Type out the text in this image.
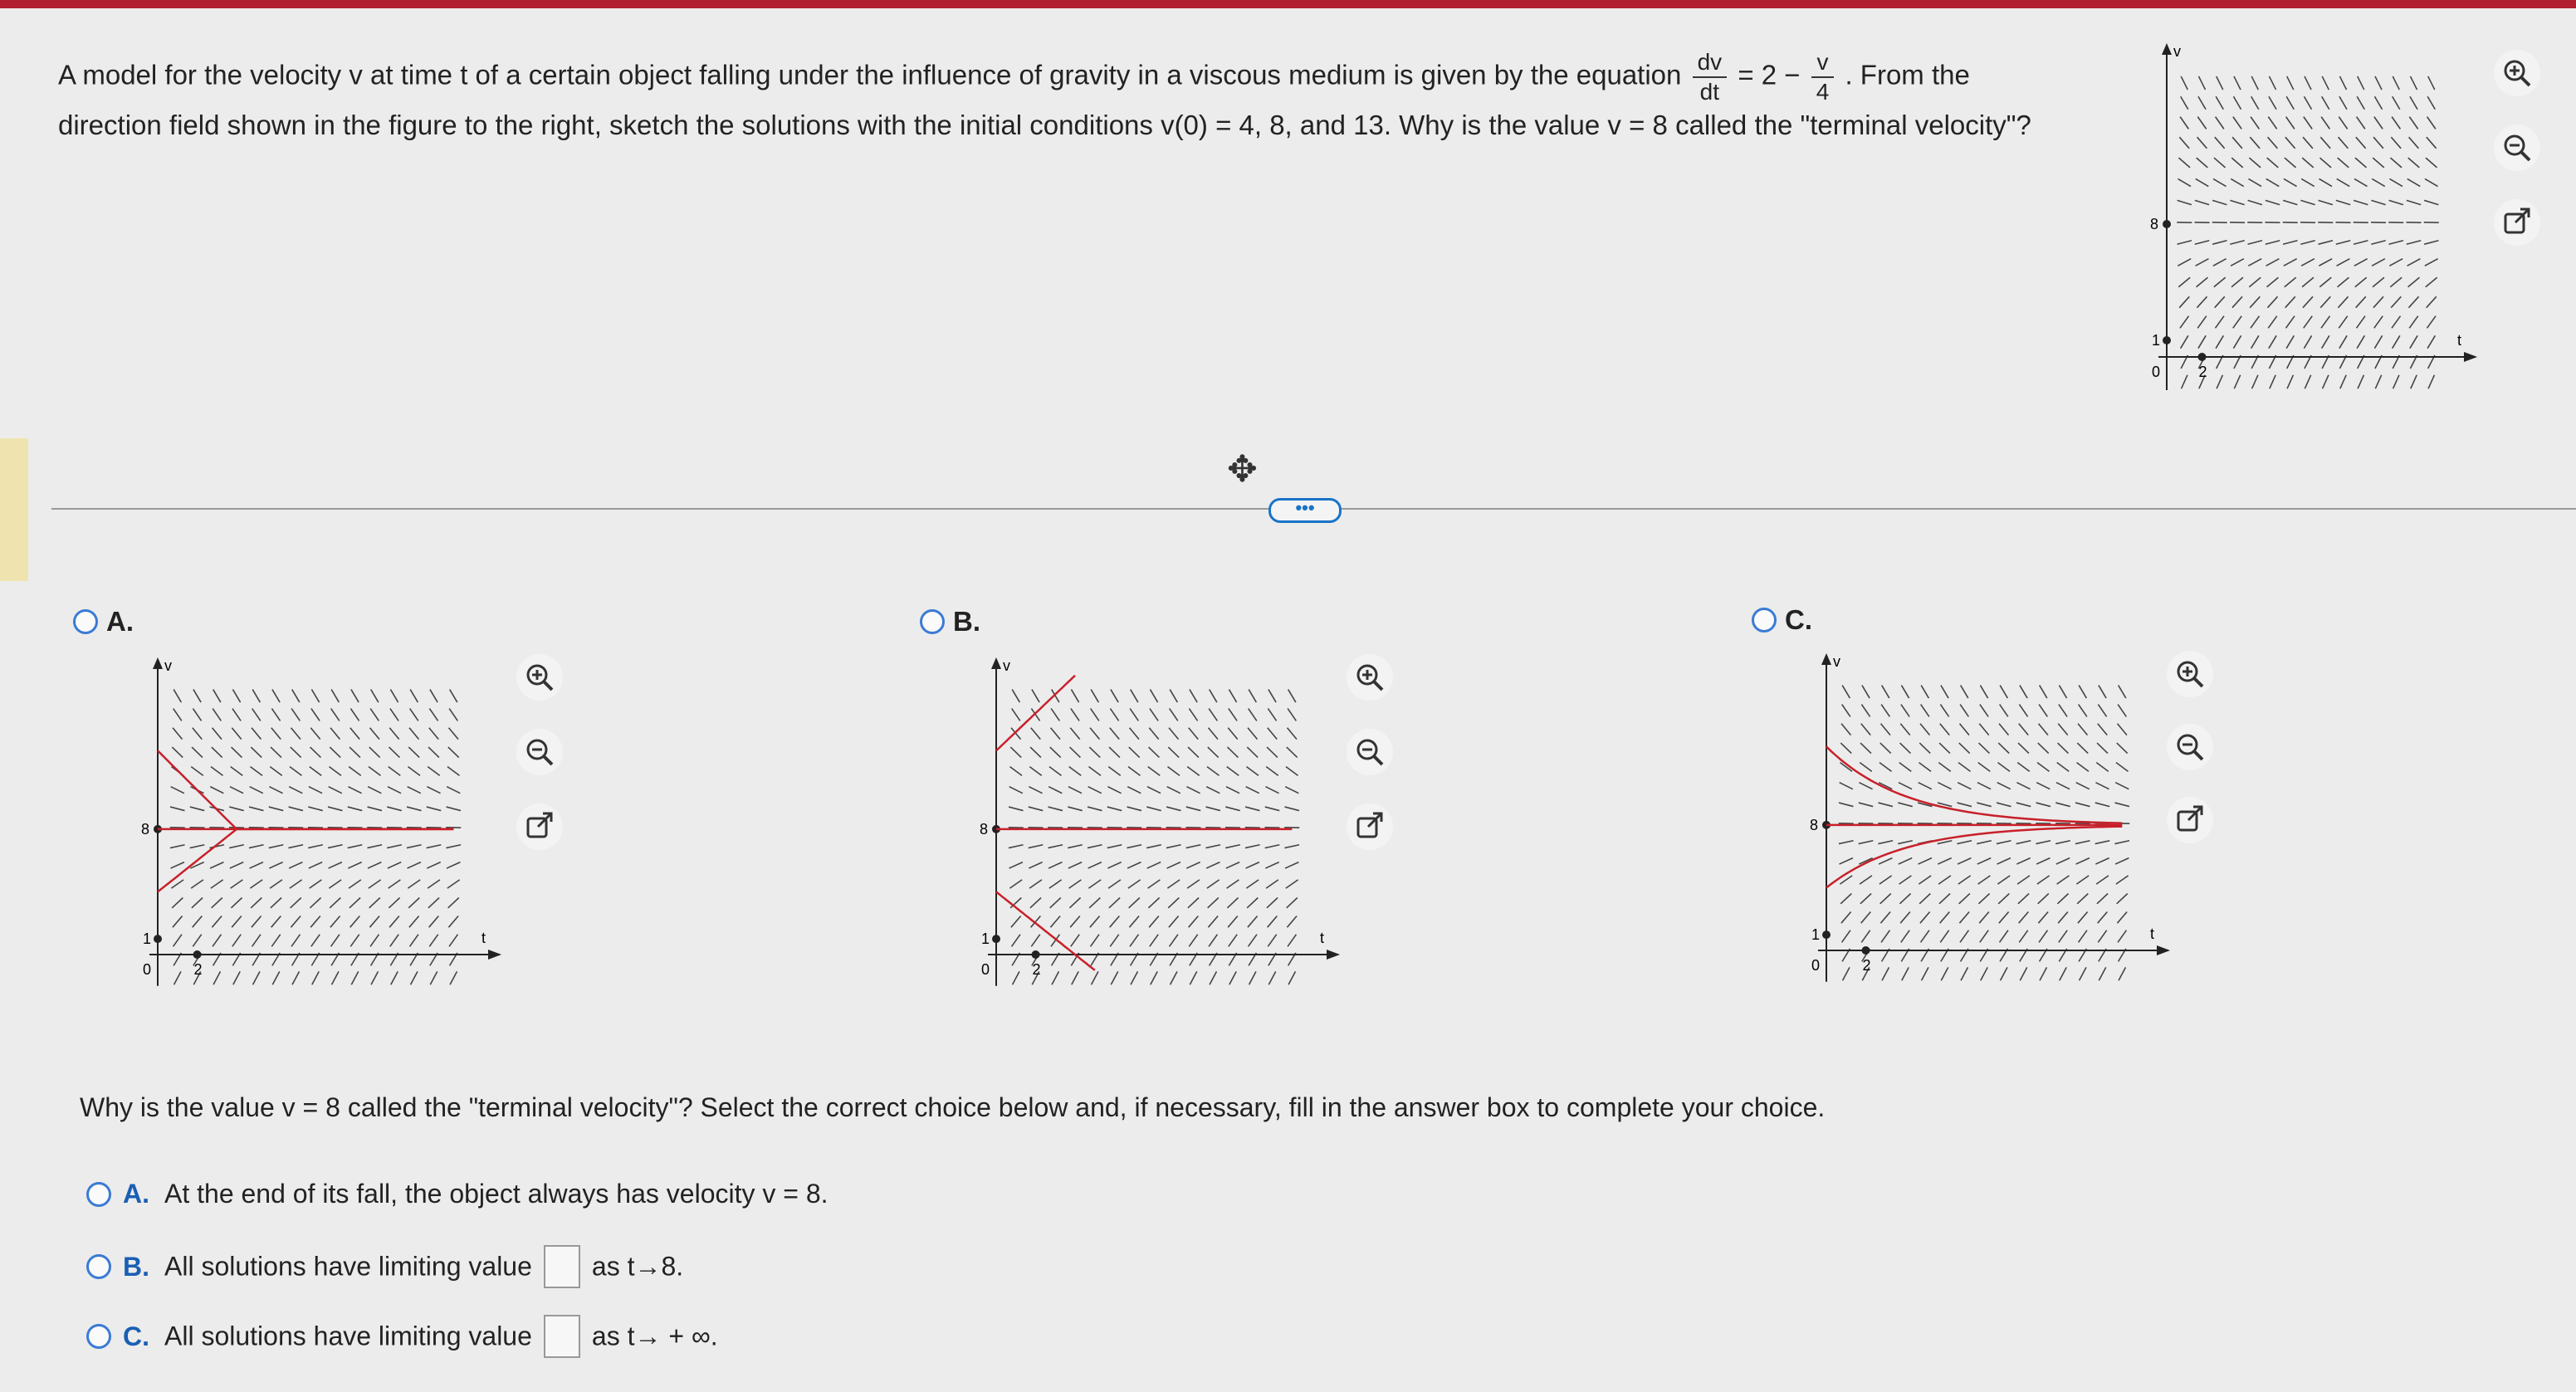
A model for the velocity v at time t of a certain object falling under the influence of gravity in a viscous medium is given by the equation $\frac{dv}{dt} = 2 - \frac{v}{4}$ . From the direction field shown in the figure to the right, sketch the solutions with the initial conditions v(0) = 4, 8, and 13. Why is the value v = 8 called the "terminal velocity"?
v
t
8
1
0	2
✥
•••
A.
v
t
8
1
0	2
B.
v
t
8
1
0	2
C.
v
t
8
1
0	2
Why is the value v = 8 called the "terminal velocity"? Select the correct choice below and, if necessary, fill in the answer box to complete your choice.
A. At the end of its fall, the object always has velocity v = 8.
B. All solutions have limiting value as t→8.
C. All solutions have limiting value as t→ + ∞.
